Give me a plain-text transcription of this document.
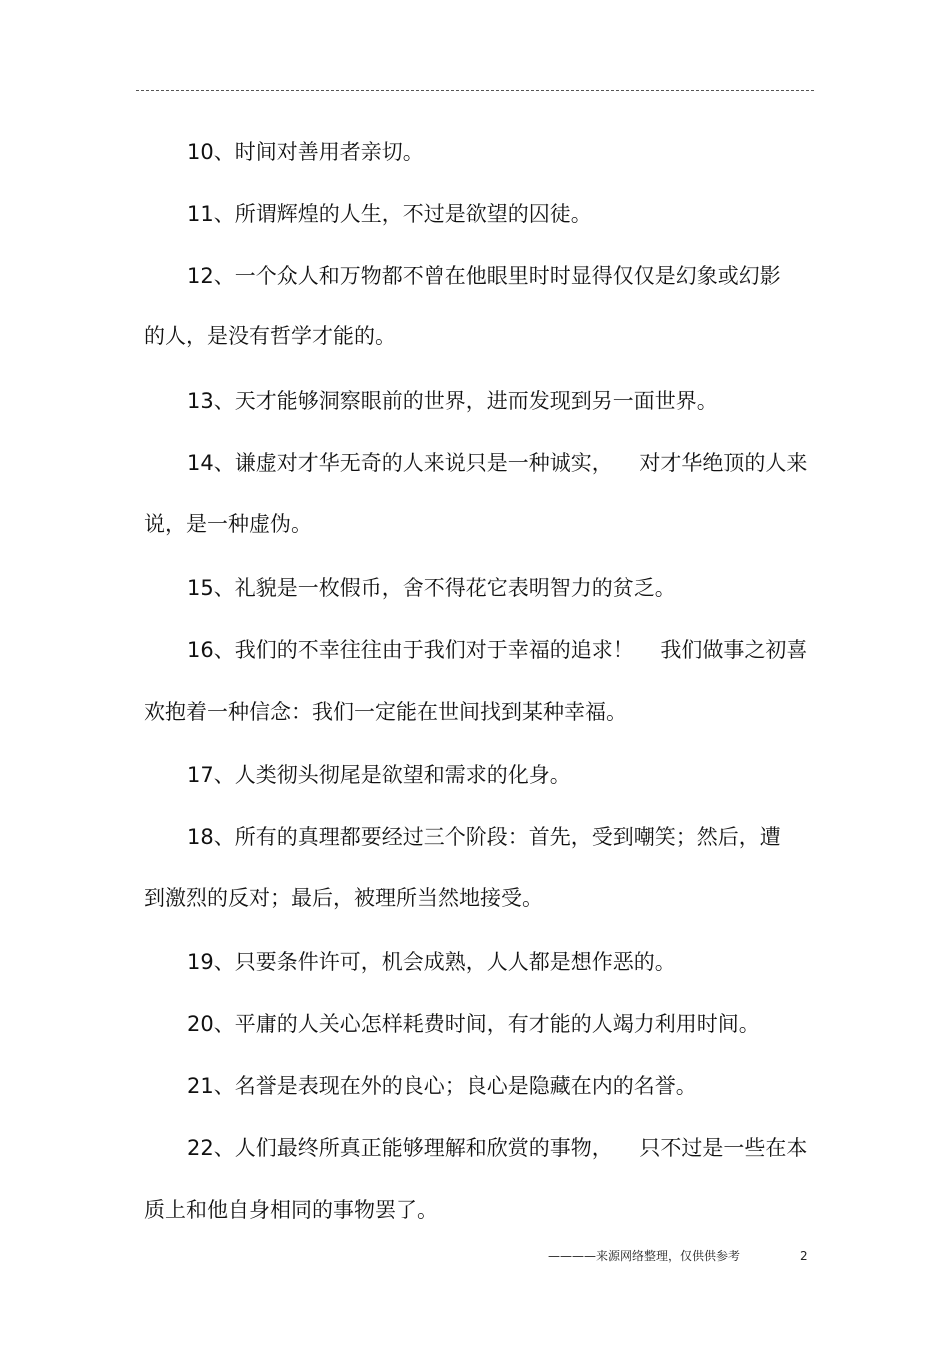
10、时间对善用者亲切。
11、所谓辉煌的人生，不过是欲望的囚徒。
12、一个众人和万物都不曾在他眼里时时显得仅仅是幻象或幻影
的人，是没有哲学才能的。
13、天才能够洞察眼前的世界，进而发现到另一面世界。
14、谦虚对才华无奇的人来说只是一种诚实，    对才华绝顶的人来
说，是一种虚伪。
15、礼貌是一枚假币，舍不得花它表明智力的贫乏。
16、我们的不幸往往由于我们对于幸福的追求！    我们做事之初喜
欢抱着一种信念：我们一定能在世间找到某种幸福。
17、人类彻头彻尾是欲望和需求的化身。
18、所有的真理都要经过三个阶段：首先，受到嘲笑；然后，遭
到激烈的反对；最后，被理所当然地接受。
19、只要条件许可，机会成熟，人人都是想作恶的。
20、平庸的人关心怎样耗费时间，有才能的人竭力利用时间。
21、名誉是表现在外的良心；良心是隐藏在内的名誉。
22、人们最终所真正能够理解和欣赏的事物，    只不过是一些在本
质上和他自身相同的事物罢了。
————来源网络整理，仅供供参考	2
